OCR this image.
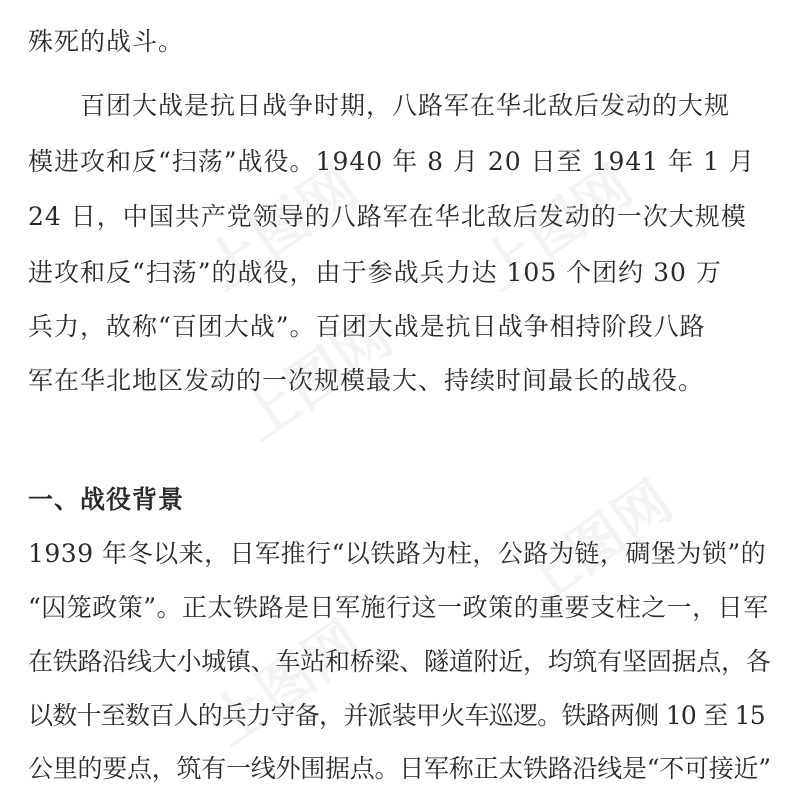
上图网 上图网
上图网
上图网
上图网
殊死的战斗。
　　百团大战是抗日战争时期，八路军在华北敌后发动的大规
模进攻和反“扫荡”战役。1940 年 8 月 20 日至 1941 年 1 月
24 日，中国共产党领导的八路军在华北敌后发动的一次大规模
进攻和反“扫荡”的战役，由于参战兵力达 105 个团约 30 万
兵力，故称“百团大战”。百团大战是抗日战争相持阶段八路
军在华北地区发动的一次规模最大、持续时间最长的战役。
一、战役背景
1939 年冬以来，日军推行“以铁路为柱，公路为链，碉堡为锁”的
“囚笼政策”。正太铁路是日军施行这一政策的重要支柱之一，日军
在铁路沿线大小城镇、车站和桥梁、隧道附近，均筑有坚固据点，各
以数十至数百人的兵力守备，并派装甲火车巡逻。铁路两侧 10 至 15
公里的要点，筑有一线外围据点。日军称正太铁路沿线是“不可接近”
